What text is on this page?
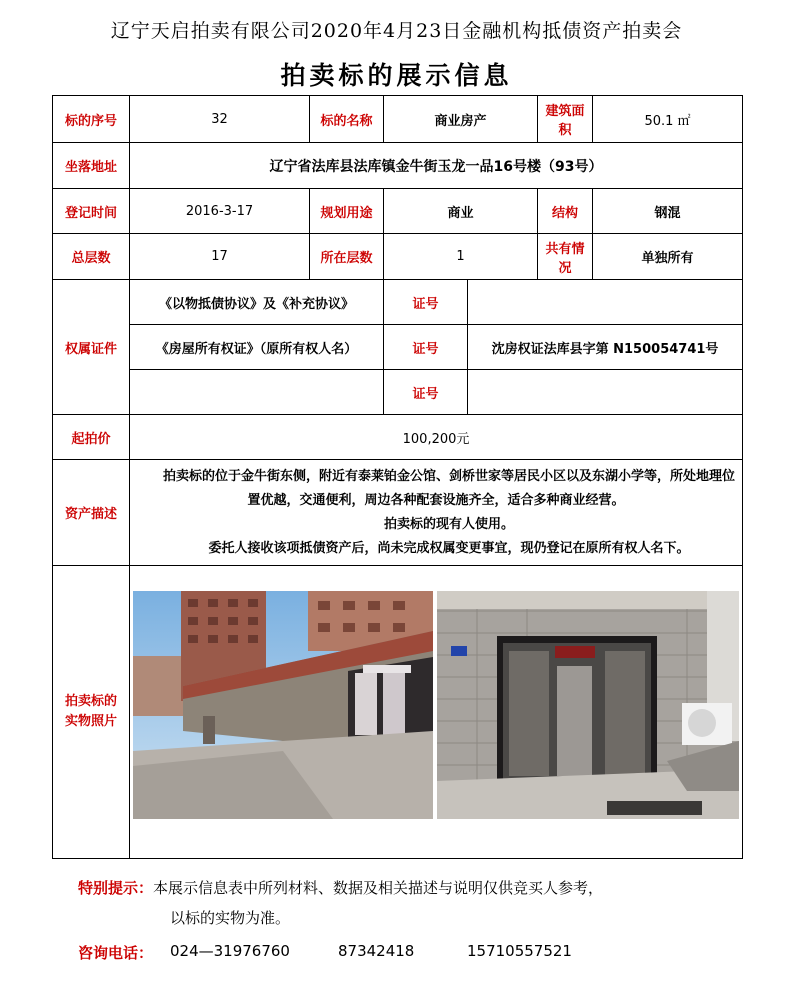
辽宁天启拍卖有限公司2020年4月23日金融机构抵债资产拍卖会
拍卖标的展示信息
标的序号	32	标的名称	商业房产		建筑面积	50.1 ㎡
坐落地址	辽宁省法库县法库镇金牛街玉龙一品16号楼（93号）					
登记时间	2016-3-17	规划用途	商业		结构	钢混
总层数	17	所在层数	1		共有情况	单独所有
权属证件	《以物抵债协议》及《补充协议》		证号			
	《房屋所有权证》（原所有权人名）		证号	沈房权证法库县字第 N150054741号		
			证号			
起拍价	100,200元					
资产描述	拍卖标的位于金牛街东侧，附近有泰莱铂金公馆、剑桥世家等居民小区以及东湖小学等，所处地理位置优越，交通便利，周边各种配套设施齐全，适合多种商业经营。

拍卖标的现有人使用。

委托人接收该项抵债资产后，尚未完成权属变更事宜，现仍登记在原所有权人名下。					

拍卖标的
实物照片

特别提示：本展示信息表中所列材料、数据及相关描述与说明仅供竞买人参考，
以标的实物为准。
咨询电话： 024—31976760	87342418	15710557521
